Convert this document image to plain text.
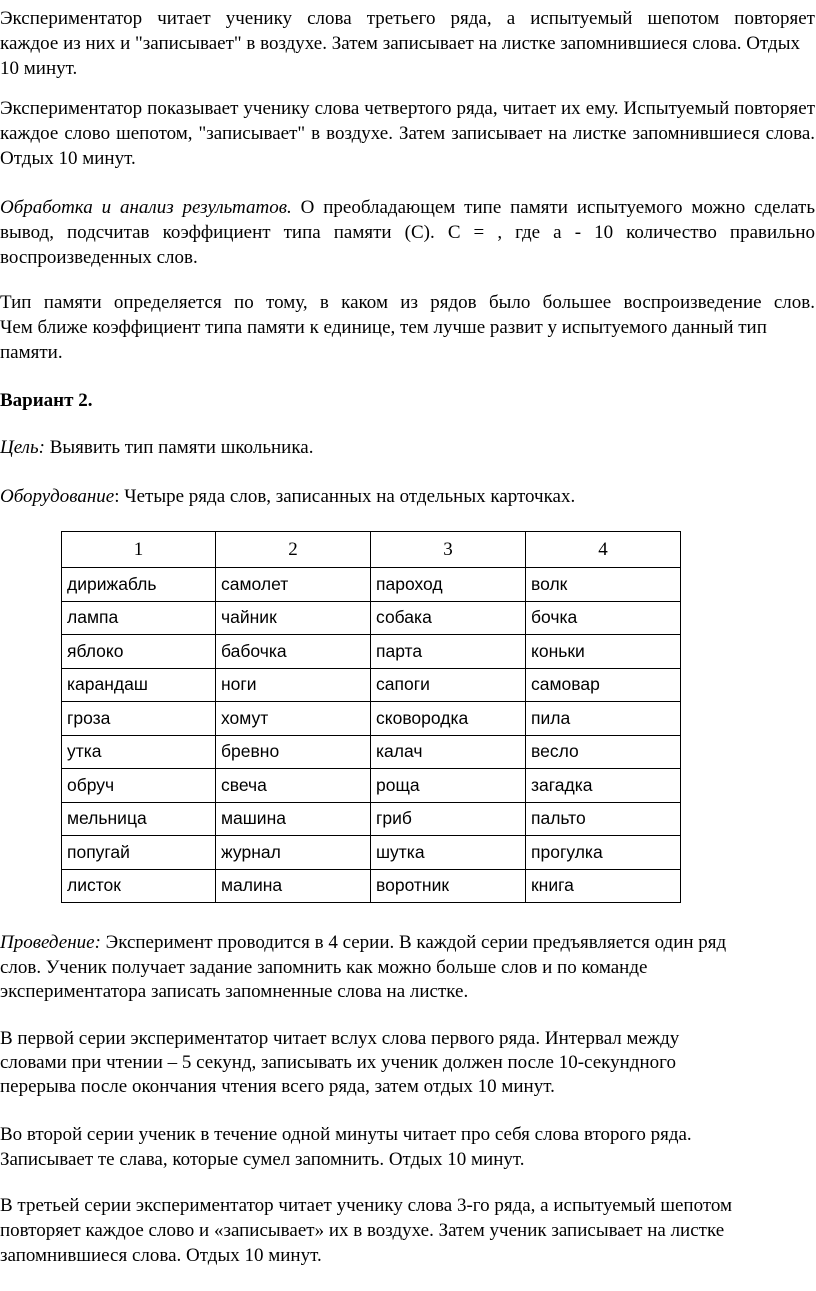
Экспериментатор читает ученику слова третьего ряда, а испытуемый шепотом повторяет

каждое из них и "записывает" в воздухе. Затем записывает на листке запомнившиеся слова. Отдых 10 минут.

Экспериментатор показывает ученику слова четвертого ряда, читает их ему. Испытуемый повторяет каждое слово шепотом, "записывает" в воздухе. Затем записывает на листке запомнившиеся слова. Отдых 10 минут.

Обработка и анализ результатов. О преобладающем типе памяти испытуемого можно сделать вывод, подсчитав коэффициент типа памяти (С). С = , где а - 10 количество правильно воспроизведенных слов.

Тип памяти определяется по тому, в каком из рядов было большее воспроизведение слов.

Чем ближе коэффициент типа памяти к единице, тем лучше развит у испытуемого данный тип памяти.

Вариант 2.

Цель: Выявить тип памяти школьника.

Оборудование: Четыре ряда слов, записанных на отдельных карточках.

1	2	3	4
дирижабль	самолет	пароход	волк
лампа	чайник	собака	бочка
яблоко	бабочка	парта	коньки
карандаш	ноги	сапоги	самовар
гроза	хомут	сковородка	пила
утка	бревно	калач	весло
обруч	свеча	роща	загадка
мельница	машина	гриб	пальто
попугай	журнал	шутка	прогулка
листок	малина	воротник	книга

Проведение: Эксперимент проводится в 4 серии. В каждой серии предъявляется один ряд

слов. Ученик получает задание запомнить как можно больше слов и по команде

экспериментатора записать запомненные слова на листке.

В первой серии экспериментатор читает вслух слова первого ряда. Интервал между

словами при чтении – 5 секунд, записывать их ученик должен после 10-секундного

перерыва после окончания чтения всего ряда, затем отдых 10 минут.

Во второй серии ученик в течение одной минуты читает про себя слова второго ряда.

Записывает те слава, которые сумел запомнить. Отдых 10 минут.

В третьей серии экспериментатор читает ученику слова 3-го ряда, а испытуемый шепотом

повторяет каждое слово и «записывает» их в воздухе. Затем ученик записывает на листке

запомнившиеся слова. Отдых 10 минут.
